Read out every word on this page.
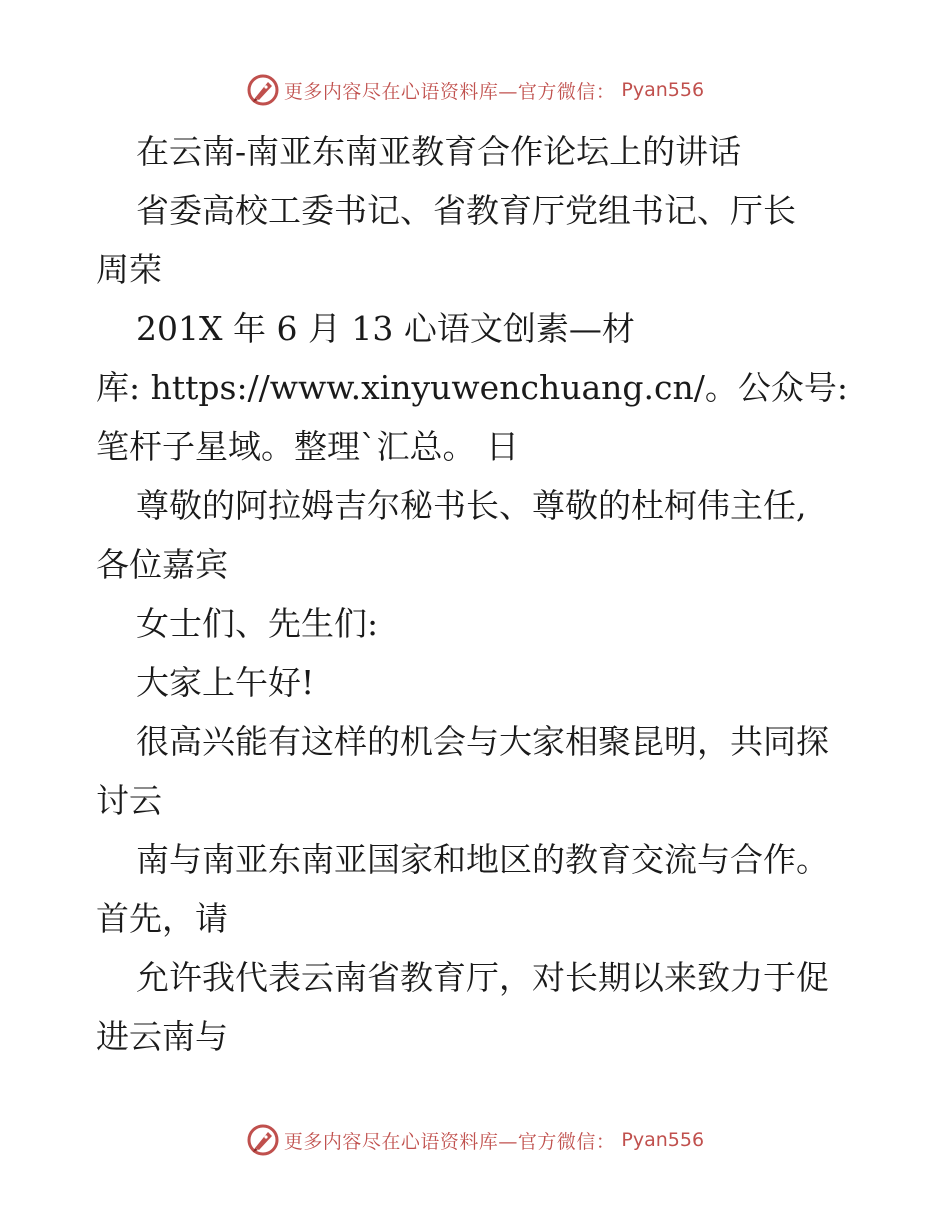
更多内容尽在心语资料库—官方微信： Pyan556
在云南-南亚东南亚教育合作论坛上的讲话
省委高校工委书记、省教育厅党组书记、厅长
周荣
201X 年 6 月 13 心语文创素—材
库: https://www.xinyuwenchuang.cn/。公众号:
笔杆子星域。整理`汇总。 日
尊敬的阿拉姆吉尔秘书长、尊敬的杜柯伟主任,
各位嘉宾
女士们、先生们:
大家上午好!
很高兴能有这样的机会与大家相聚昆明，共同探
讨云
南与南亚东南亚国家和地区的教育交流与合作。
首先，请
允许我代表云南省教育厅，对长期以来致力于促
进云南与
更多内容尽在心语资料库—官方微信： Pyan556
